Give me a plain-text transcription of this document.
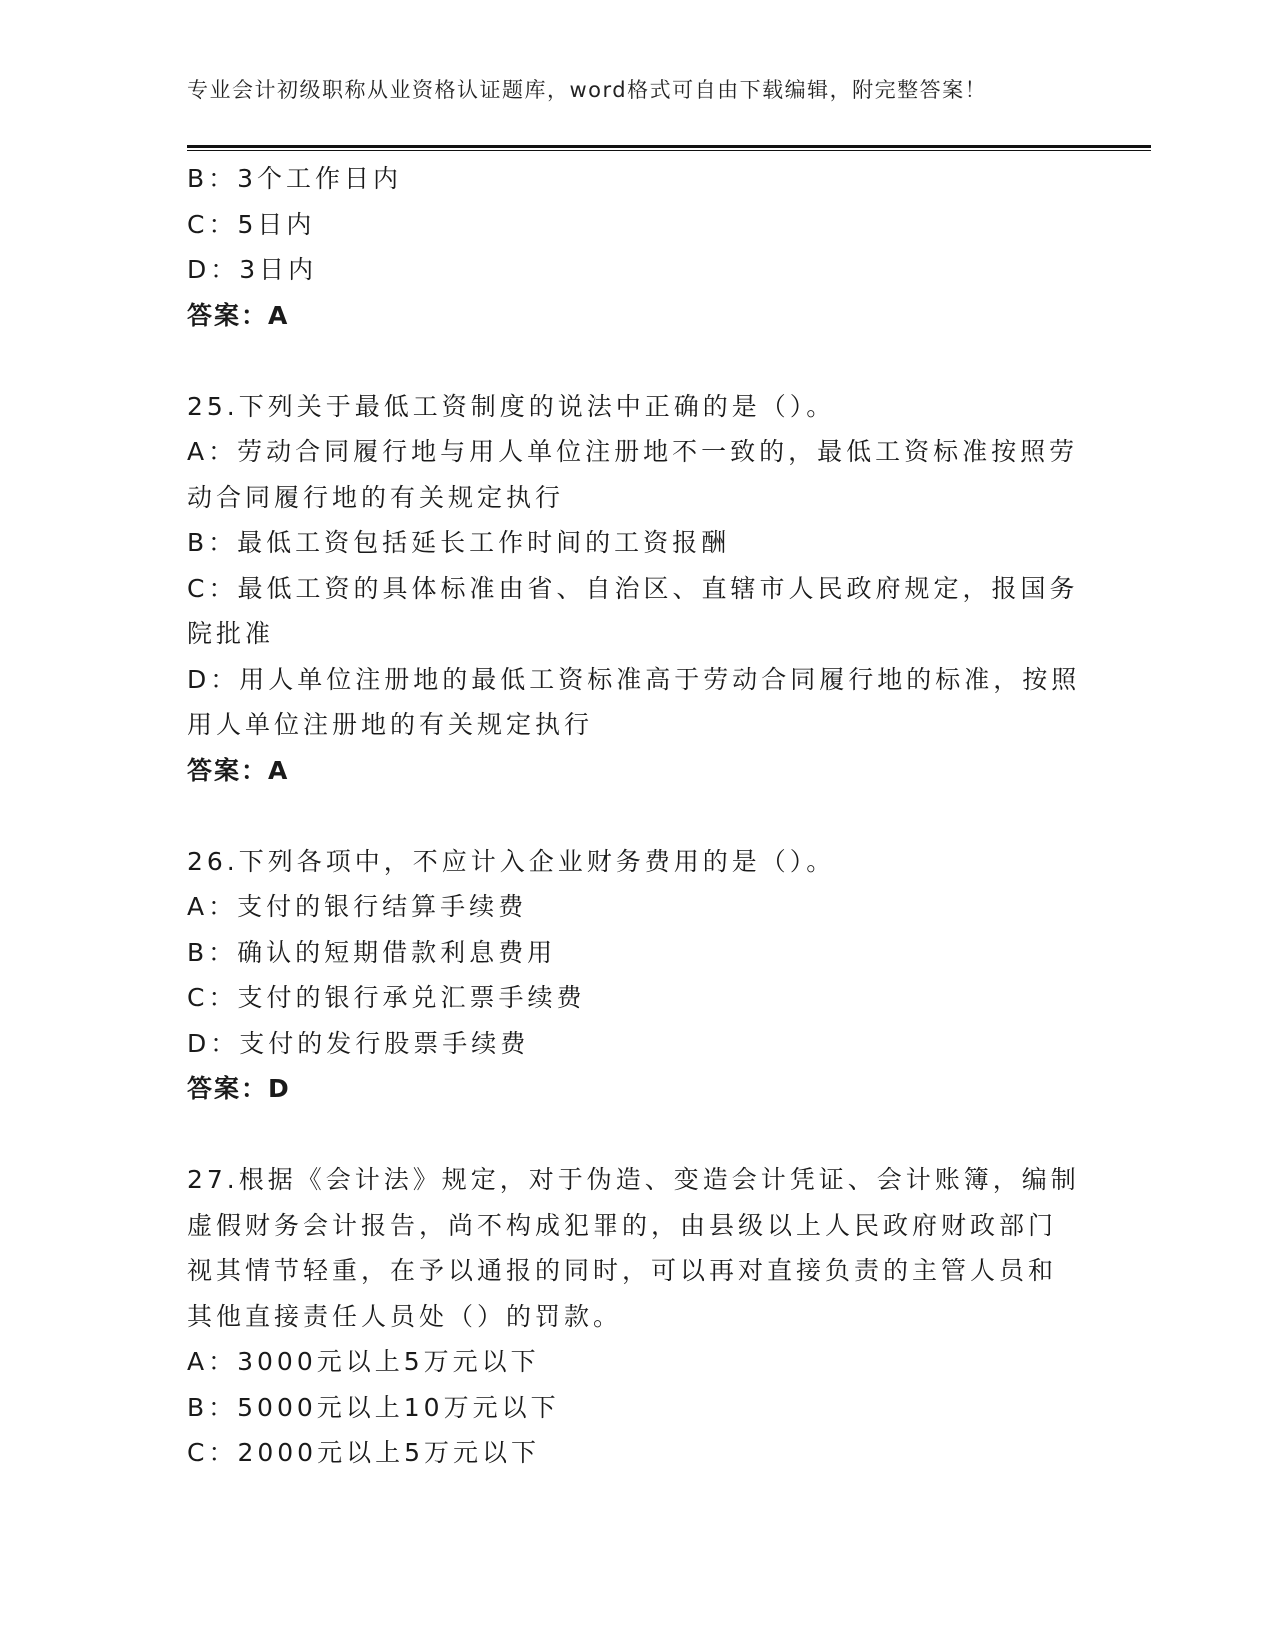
专业会计初级职称从业资格认证题库，word格式可自由下载编辑，附完整答案！

B：3个工作日内

C：5日内

D：3日内

答案：A

25.下列关于最低工资制度的说法中正确的是（）。

A：劳动合同履行地与用人单位注册地不一致的，最低工资标准按照劳

动合同履行地的有关规定执行

B：最低工资包括延长工作时间的工资报酬

C：最低工资的具体标准由省、自治区、直辖市人民政府规定，报国务

院批准

D：用人单位注册地的最低工资标准高于劳动合同履行地的标准，按照

用人单位注册地的有关规定执行

答案：A

26.下列各项中，不应计入企业财务费用的是（）。

A：支付的银行结算手续费

B：确认的短期借款利息费用

C：支付的银行承兑汇票手续费

D：支付的发行股票手续费

答案：D

27.根据《会计法》规定，对于伪造、变造会计凭证、会计账簿，编制

虚假财务会计报告，尚不构成犯罪的，由县级以上人民政府财政部门

视其情节轻重，在予以通报的同时，可以再对直接负责的主管人员和

其他直接责任人员处（）的罚款。

A：3000元以上5万元以下

B：5000元以上10万元以下

C：2000元以上5万元以下
